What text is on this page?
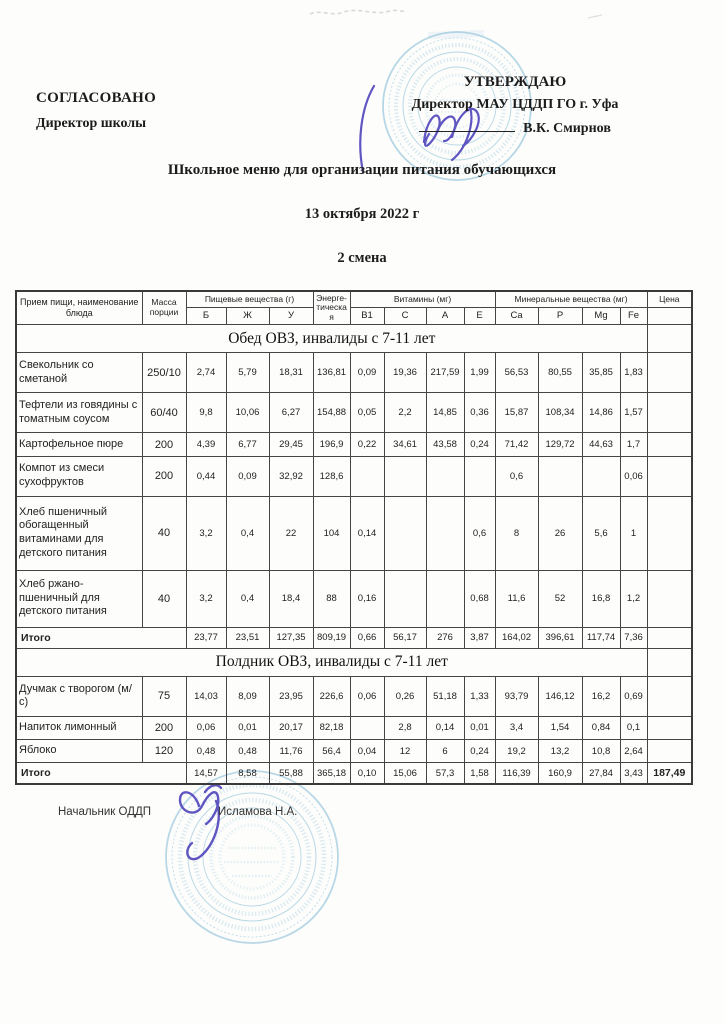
СОГЛАСОВАНО
Директор школы
УТВЕРЖДАЮ
Директор МАУ ЦДДП ГО г. Уфа
В.К. Смирнов
Школьное меню для организации питания обучающихся
13 октября 2022 г
2 смена
Прием пищи, наименование блюда	Масса порции	Пищевые вещества (г)			Энерге-тическая	Витамины (мг)				Минеральные вещества (мг)				Цена
		Б	Ж	У		В1	С	А	Е	Ca	P	Mg	Fe	
Обед ОВЗ, инвалиды с 7-11 лет														
Свекольник со сметаной	250/10	2,74	5,79	18,31	136,81	0,09	19,36	217,59	1,99	56,53	80,55	35,85	1,83	
Тефтели из говядины с томатным соусом	60/40	9,8	10,06	6,27	154,88	0,05	2,2	14,85	0,36	15,87	108,34	14,86	1,57	
Картофельное пюре	200	4,39	6,77	29,45	196,9	0,22	34,61	43,58	0,24	71,42	129,72	44,63	1,7	
Компот из смеси сухофруктов	200	0,44	0,09	32,92	128,6					0,6			0,06	
Хлеб пшеничный обогащенный витаминами для детского питания	40	3,2	0,4	22	104	0,14			0,6	8	26	5,6	1	
Хлеб ржано-пшеничный для детского питания	40	3,2	0,4	18,4	88	0,16			0,68	11,6	52	16,8	1,2	
Итого		23,77	23,51	127,35	809,19	0,66	56,17	276	3,87	164,02	396,61	117,74	7,36	
Полдник ОВЗ, инвалиды с 7-11 лет														
Дучмак с творогом (м/с)	75	14,03	8,09	23,95	226,6	0,06	0,26	51,18	1,33	93,79	146,12	16,2	0,69	
Напиток лимонный	200	0,06	0,01	20,17	82,18		2,8	0,14	0,01	3,4	1,54	0,84	0,1	
Яблоко	120	0,48	0,48	11,76	56,4	0,04	12	6	0,24	19,2	13,2	10,8	2,64	
Итого		14,57	8,58	55,88	365,18	0,10	15,06	57,3	1,58	116,39	160,9	27,84	3,43	187,49
Начальник ОДДП	Исламова Н.А.
